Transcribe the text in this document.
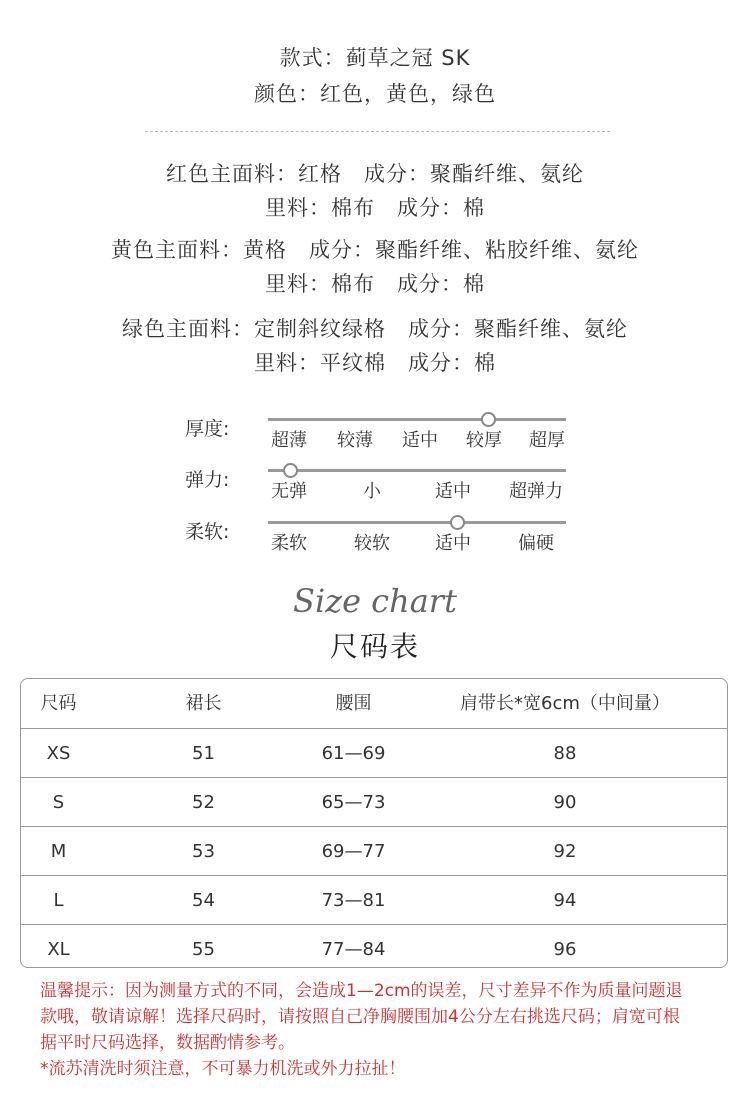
款式：蓟草之冠 SK
颜色：红色，黄色，绿色
红色主面料：红格　成分：聚酯纤维、氨纶
里料：棉布　成分：棉
黄色主面料：黄格　成分：聚酯纤维、粘胶纤维、氨纶
里料：棉布　成分：棉
绿色主面料：定制斜纹绿格　成分：聚酯纤维、氨纶
里料：平纹棉　成分：棉
厚度:
超薄 较薄 适中 较厚 超厚
弹力:
无弹	小	适中 超弹力
柔软:
柔软	较软	适中	偏硬
Size chart
尺码表
尺码	裙长	腰围	肩带长*宽6cm（中间量）
XS	51	61—69	88
S	52	65—73	90
M	53	69—77	92
L	54	73—81	94
XL	55	77—84	96
温馨提示：因为测量方式的不同，会造成1—2cm的误差，尺寸差异不作为质量问题退
款哦，敬请谅解！选择尺码时，请按照自己净胸腰围加4公分左右挑选尺码；肩宽可根
据平时尺码选择，数据酌情参考。
*流苏清洗时须注意，不可暴力机洗或外力拉扯！
